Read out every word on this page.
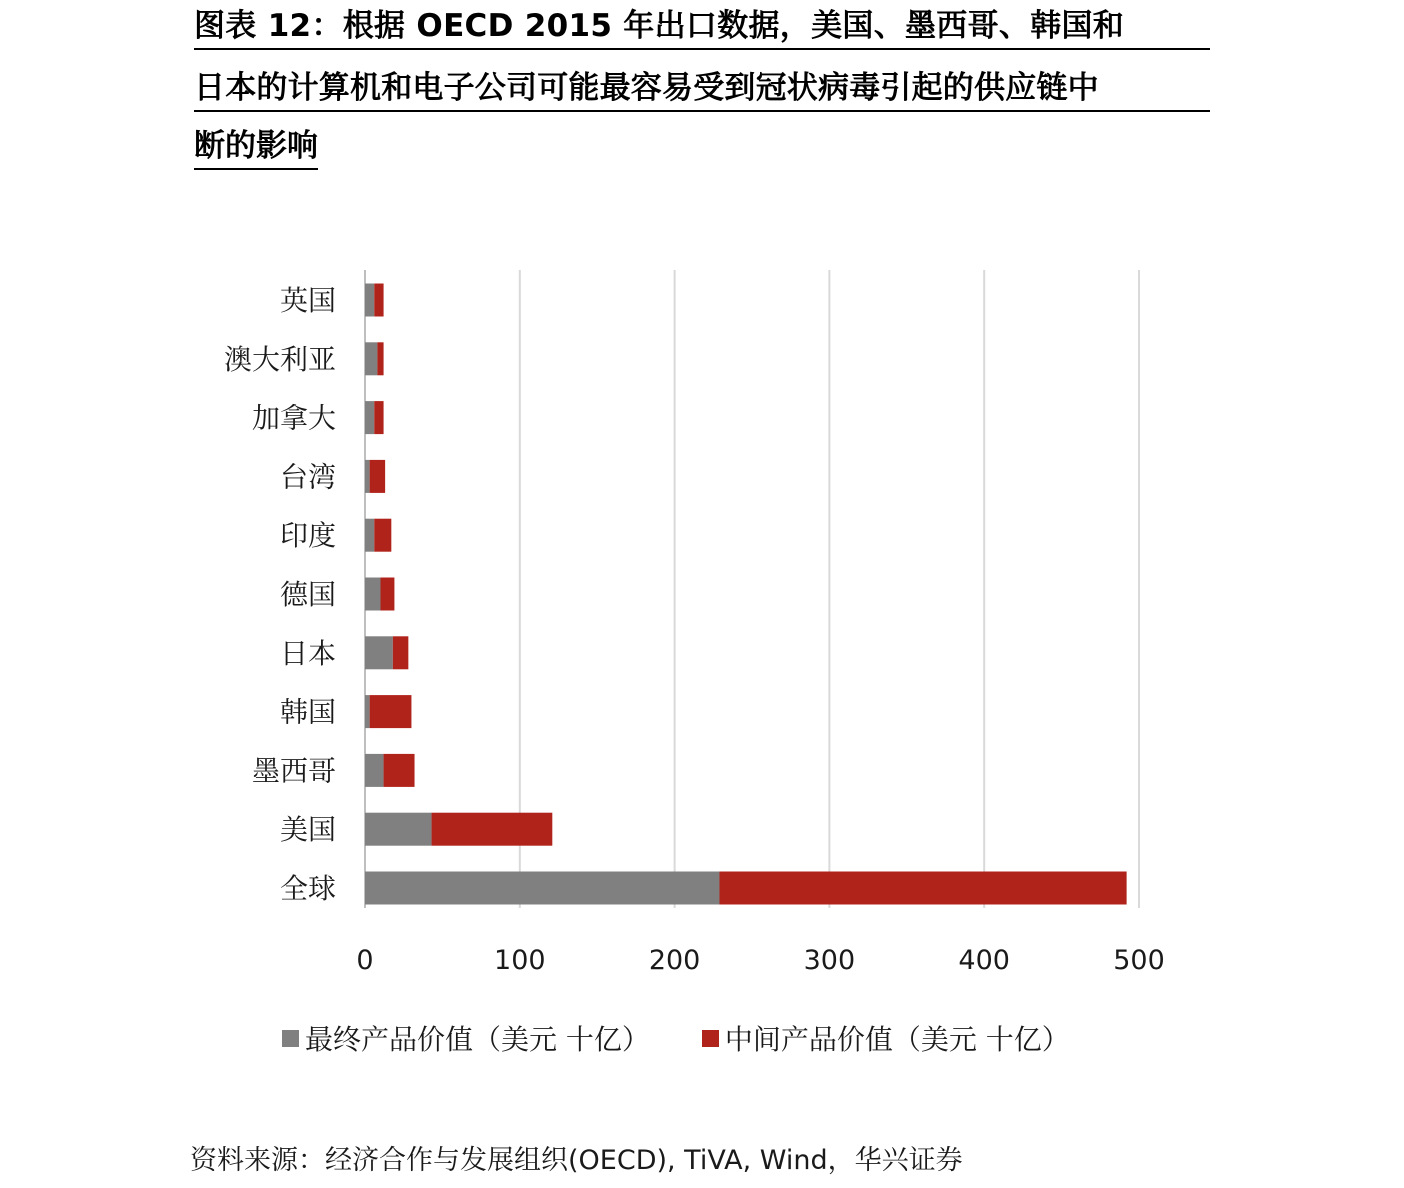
图表 12：根据 OECD 2015 年出口数据，美国、墨西哥、韩国和

日本的计算机和电子公司可能最容易受到冠状病毒引起的供应链中

断的影响

英国
澳大利亚
加拿大
台湾
印度
德国
日本
韩国
墨西哥
美国
全球
0	100	200	300	400	500
最终产品价值（美元 十亿）	中间产品价值（美元 十亿）

资料来源：经济合作与发展组织(OECD), TiVA, Wind，华兴证券
